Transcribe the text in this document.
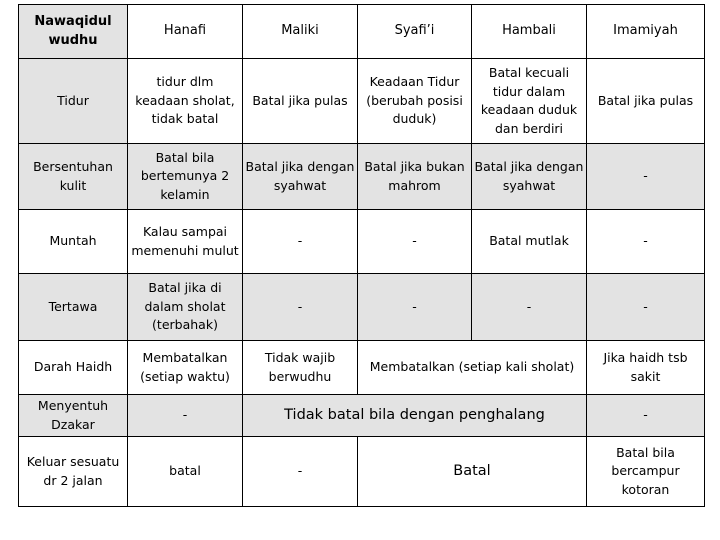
Nawaqidul wudhu	Hanafi	Maliki	Syafi’i	Hambali	Imamiyah
Tidur	tidur dlm keadaan sholat, tidak batal	Batal jika pulas	Keadaan Tidur (berubah posisi duduk)	Batal kecuali tidur dalam keadaan duduk dan berdiri	Batal jika pulas
Bersentuhan kulit	Batal bila bertemunya 2 kelamin	Batal jika dengan syahwat	Batal jika bukan mahrom	Batal jika dengan syahwat	-
Muntah	Kalau sampai memenuhi mulut	-	-	Batal mutlak	-
Tertawa	Batal jika di dalam sholat (terbahak)	-	-	-	-
Darah Haidh	Membatalkan (setiap waktu)	Tidak wajib berwudhu	Membatalkan (setiap kali sholat)		Jika haidh tsb sakit
Menyentuh Dzakar	-	Tidak batal bila dengan penghalang			-
Keluar sesuatu dr 2 jalan	batal	-	Batal		Batal bila bercampur kotoran
